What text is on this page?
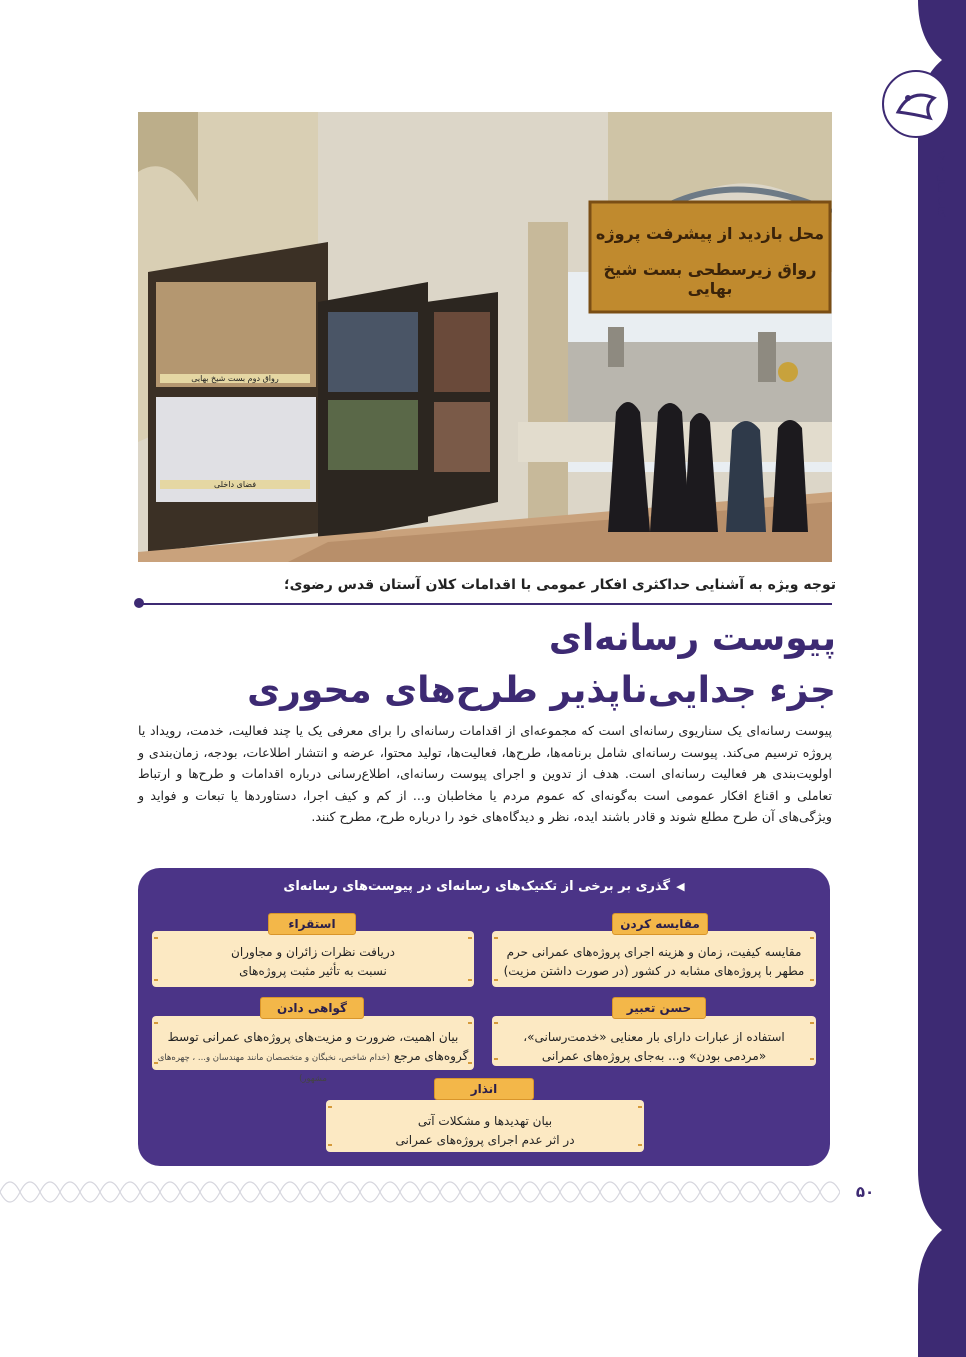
کتاب سال ۱۴۰۲
محل بازدید از پیشرفت پروژه
رواق زیرسطحی بست شیخ بهایی
رواق دوم بست شیخ بهایی
فضای داخلی
توجه ویژه به آشنایی حداکثری افکار عمومی با اقدامات کلان آستان قدس رضوی؛
پیوست رسانه‌ای
جزء جدایی‌ناپذیر طرح‌های محوری
پیوست رسانه‌ای یک سناریوی رسانه‌ای است که مجموعه‌ای از اقدامات رسانه‌ای را برای معرفی یک یا چند فعالیت، خدمت، رویداد یا پروژه ترسیم می‌کند. پیوست رسانه‌ای شامل برنامه‌ها، طرح‌ها، فعالیت‌ها، تولید محتوا، عرضه و انتشار اطلاعات، بودجه، زمان‌بندی و اولویت‌بندی هر فعالیت رسانه‌ای است. هدف از تدوین و اجرای پیوست رسانه‌ای، اطلاع‌رسانی درباره اقدامات و طرح‌ها و ارتباط تعاملی و اقناع افکار عمومی است به‌گونه‌ای که عموم مردم یا مخاطبان و... از کم و کیف اجرا، دستاوردها یا تبعات و فواید و ویژگی‌های آن طرح مطلع شوند و قادر باشند ایده، نظر و دیدگاه‌های خود را درباره طرح، مطرح کنند.
◀گذری بر برخی از تکنیک‌های رسانه‌ای در پیوست‌های رسانه‌ای
مقایسه کیفیت، زمان و هزینه اجرای پروژه‌های عمرانی حرم
مطهر با پروژه‌های مشابه در کشور (در صورت داشتن مزیت)
مقایسه کردن
دریافت نظرات زائران و مجاوران
نسبت به تأثیر مثبت پروژه‌های
استقراء
استفاده از عبارات دارای بار معنایی «خدمت‌رسانی»،
«مردمی بودن» و... به‌جای پروژه‌های عمرانی
حسن تعبیر
بیان اهمیت، ضرورت و مزیت‌های پروژه‌های عمرانی توسط
گروه‌های مرجع (خدام شاخص، نخبگان و متخصصان مانند مهندسان و... ، چهره‌های مشهور)
گواهی دادن
بیان تهدیدها و مشکلات آتی
در اثر عدم اجرای پروژه‌های عمرانی
انذار
۵۰
